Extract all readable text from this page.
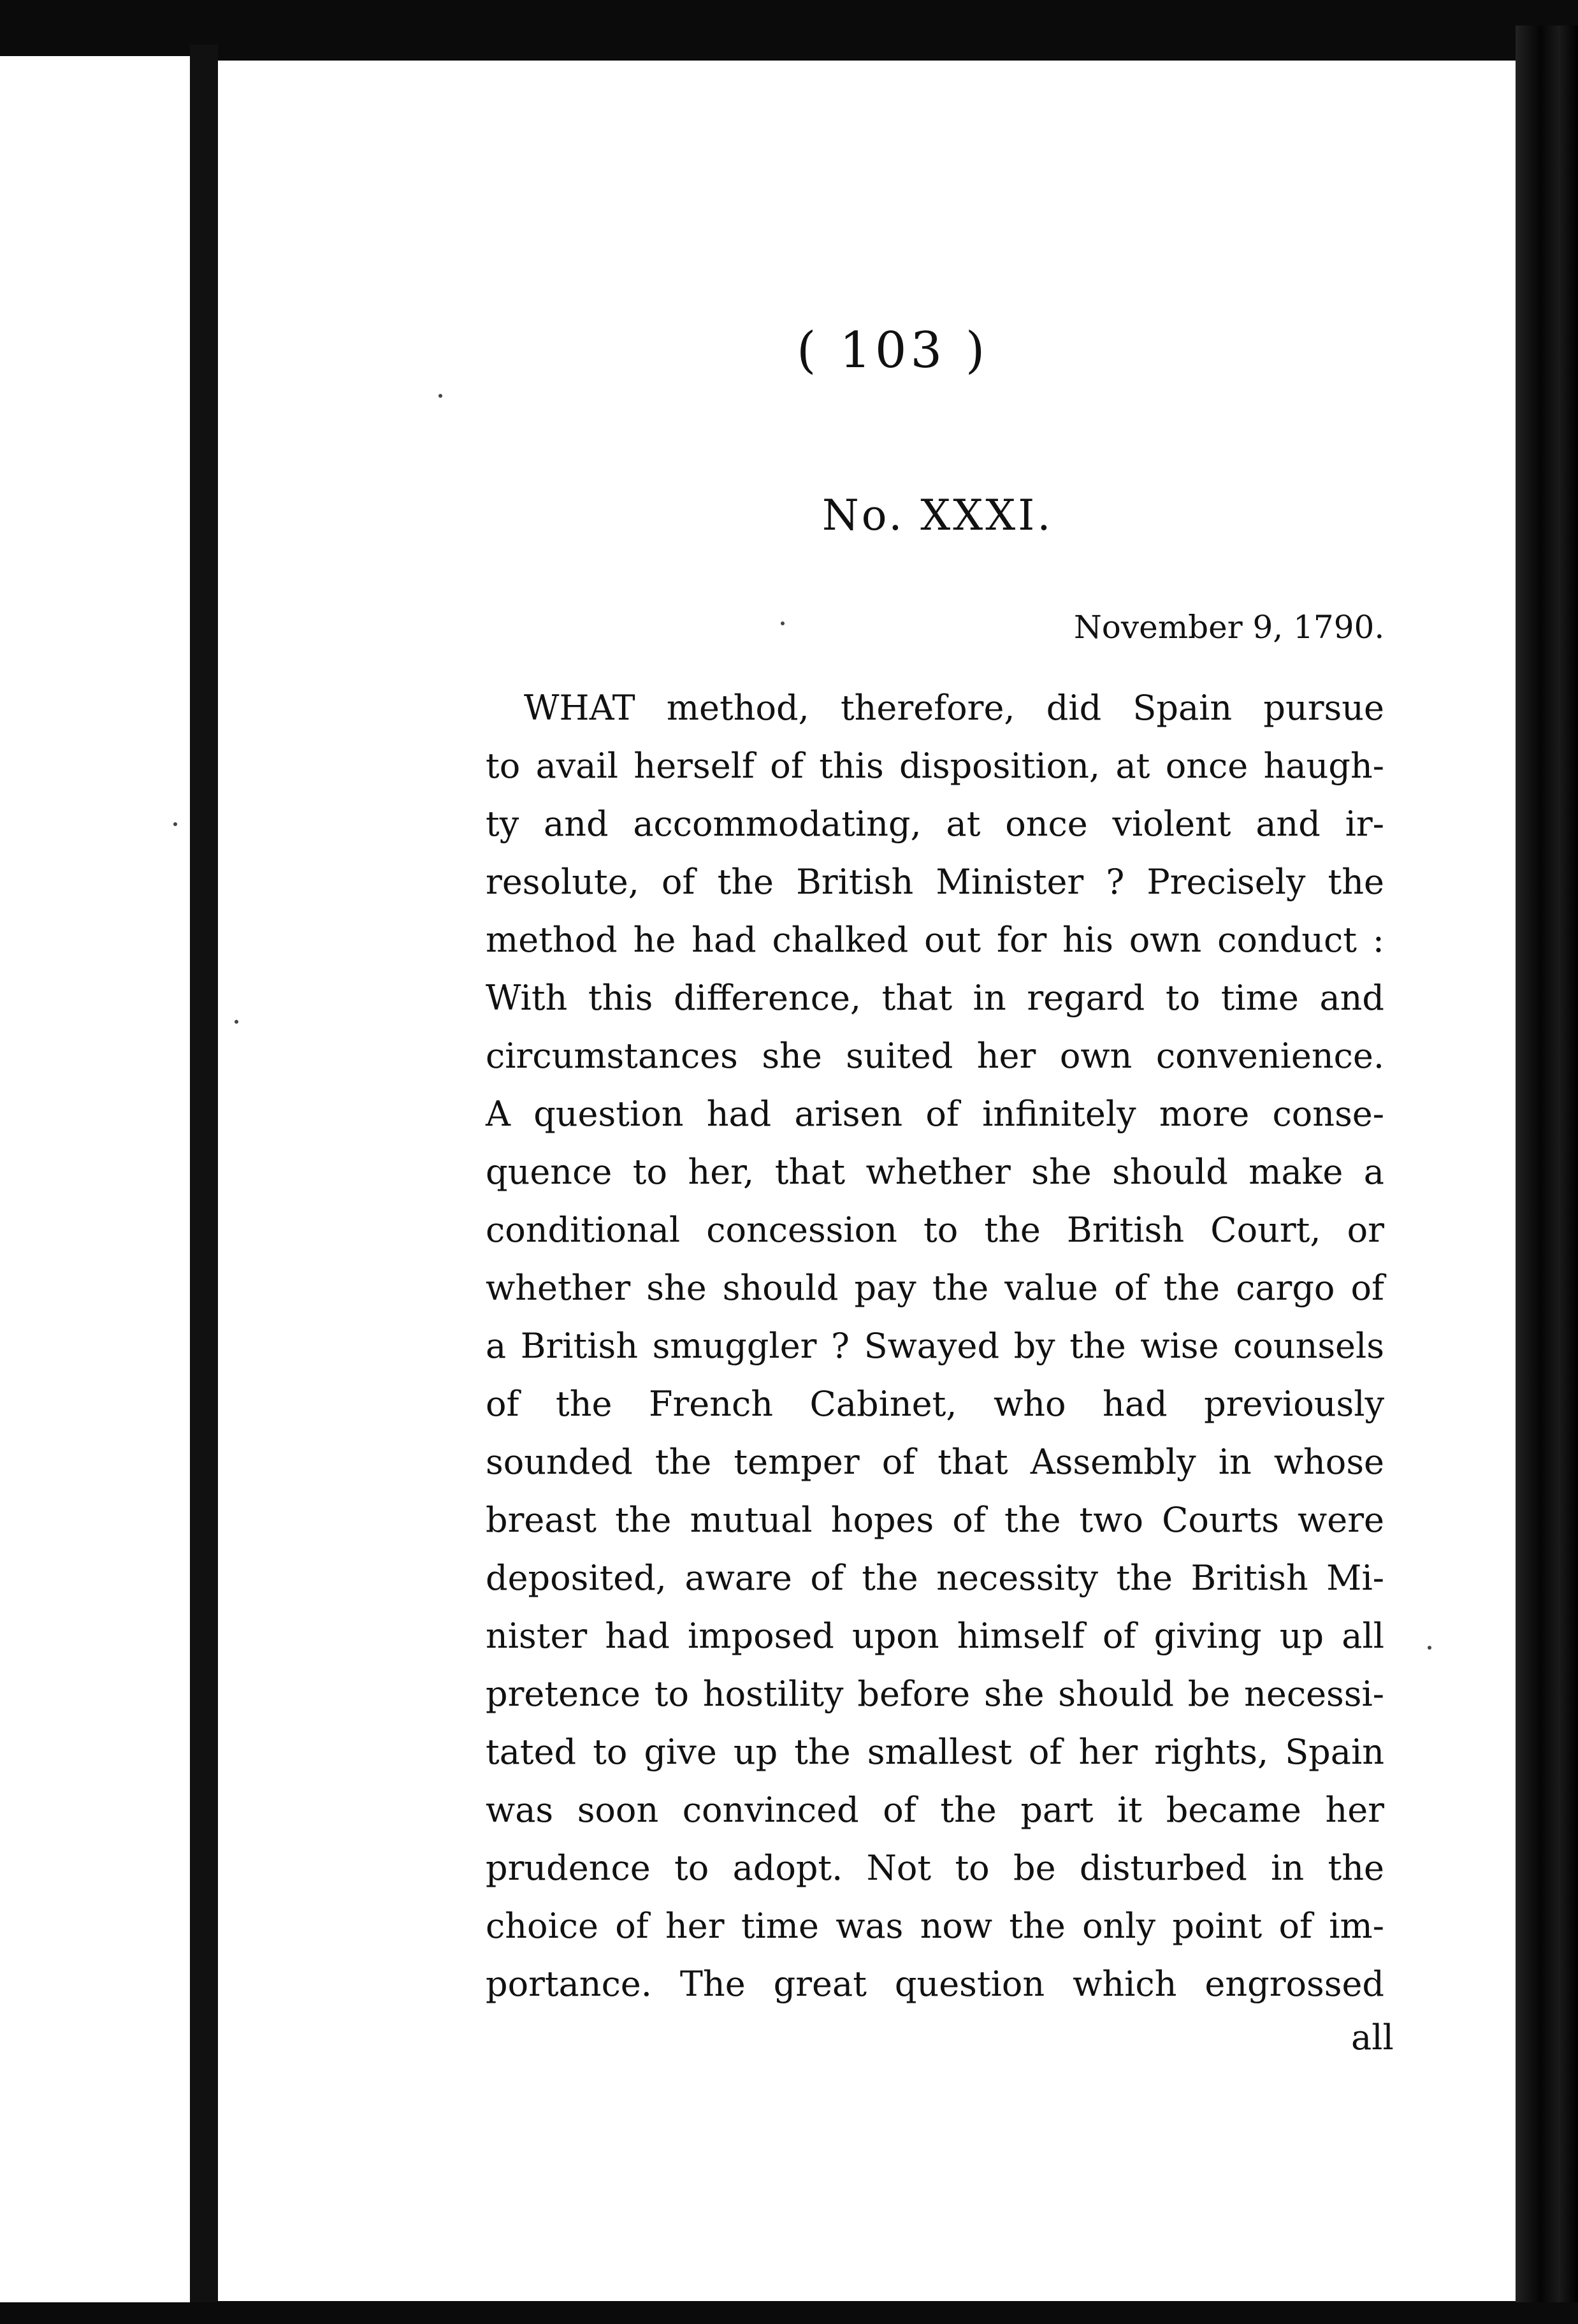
( 103 )
No. XXXI.
November 9, 1790.
WHAT method, therefore, did Spain pursue
to avail herself of this disposition, at once haugh-
ty and accommodating, at once violent and ir-
resolute, of the British Minister ? Precisely the
method he had chalked out for his own conduct :
With this difference, that in regard to time and
circumstances she suited her own convenience.
A question had arisen of infinitely more conse-
quence to her, that whether she should make a
conditional concession to the British Court, or
whether she should pay the value of the cargo of
a British smuggler ? Swayed by the wise counsels
of the French Cabinet, who had previously
sounded the temper of that Assembly in whose
breast the mutual hopes of the two Courts were
deposited, aware of the necessity the British Mi-
nister had imposed upon himself of giving up all
pretence to hostility before she should be necessi-
tated to give up the smallest of her rights, Spain
was soon convinced of the part it became her
prudence to adopt. Not to be disturbed in the
choice of her time was now the only point of im-
portance. The great question which engrossed
all
